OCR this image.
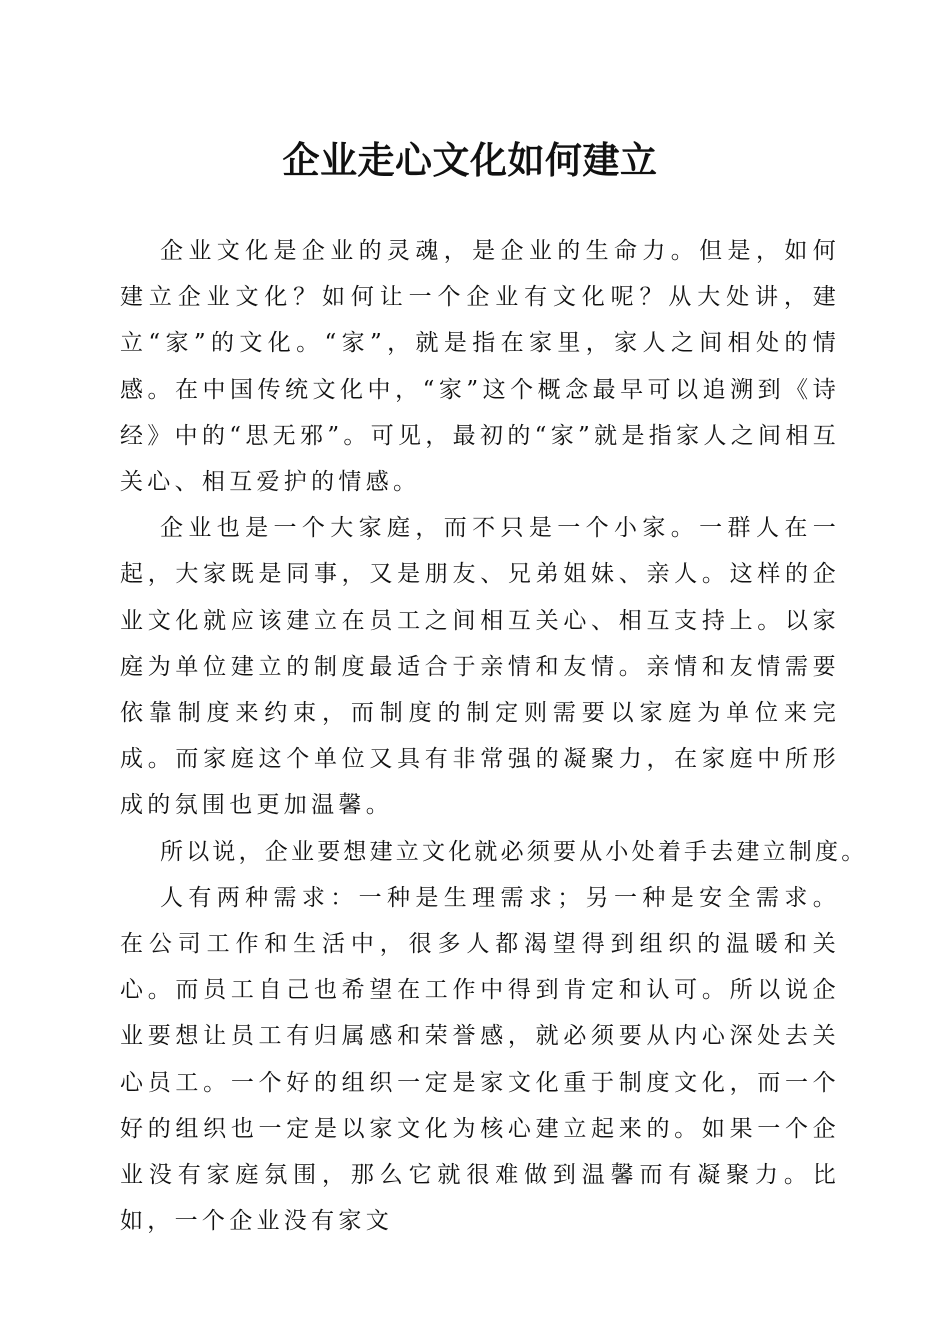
企业走心文化如何建立

企业文化是企业的灵魂，是企业的生命力。但是，如何建立企业文化？如何让一个企业有文化呢？从大处讲，建立“家”的文化。“家”，就是指在家里，家人之间相处的情感。在中国传统文化中，“家”这个概念最早可以追溯到《诗经》中的“思无邪”。可见，最初的“家”就是指家人之间相互关心、相互爱护的情感。

企业也是一个大家庭，而不只是一个小家。一群人在一起，大家既是同事，又是朋友、兄弟姐妹、亲人。这样的企业文化就应该建立在员工之间相互关心、相互支持上。以家庭为单位建立的制度最适合于亲情和友情。亲情和友情需要依靠制度来约束，而制度的制定则需要以家庭为单位来完成。而家庭这个单位又具有非常强的凝聚力，在家庭中所形成的氛围也更加温馨。

所以说，企业要想建立文化就必须要从小处着手去建立制度。

人有两种需求：一种是生理需求；另一种是安全需求。在公司工作和生活中，很多人都渴望得到组织的温暖和关心。而员工自己也希望在工作中得到肯定和认可。所以说企业要想让员工有归属感和荣誉感，就必须要从内心深处去关心员工。一个好的组织一定是家文化重于制度文化，而一个好的组织也一定是以家文化为核心建立起来的。如果一个企业没有家庭氛围，那么它就很难做到温馨而有凝聚力。比如，一个企业没有家文
